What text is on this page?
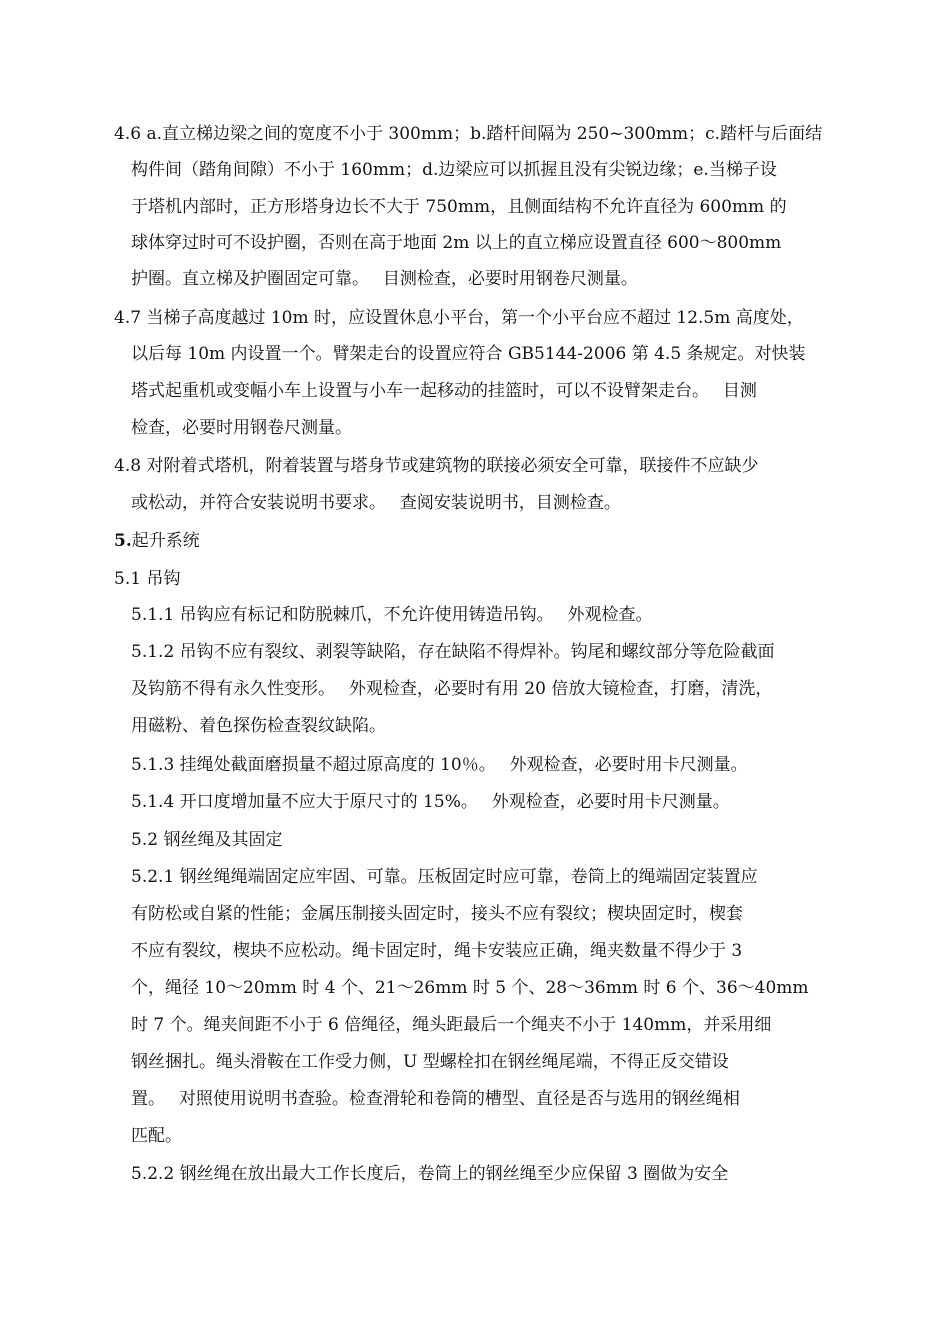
4.6 a.直立梯边梁之间的宽度不小于 300mm；b.踏杆间隔为 250~300mm；c.踏杆与后面结
构件间（踏角间隙）不小于 160mm；d.边梁应可以抓握且没有尖锐边缘；e.当梯子设
于塔机内部时，正方形塔身边长不大于 750mm，且侧面结构不允许直径为 600mm 的
球体穿过时可不设护圈，否则在高于地面 2m 以上的直立梯应设置直径 600～800mm
护圈。直立梯及护圈固定可靠。　 目测检查，必要时用钢卷尺测量。
4.7 当梯子高度越过 10m 时，应设置休息小平台，第一个小平台应不超过 12.5m 高度处，
以后每 10m 内设置一个。臂架走台的设置应符合 GB5144-2006 第 4.5 条规定。对快装
塔式起重机或变幅小车上设置与小车一起移动的挂篮时，可以不设臂架走台。　 目测
检查，必要时用钢卷尺测量。
4.8 对附着式塔机，附着装置与塔身节或建筑物的联接必须安全可靠，联接件不应缺少
或松动，并符合安装说明书要求。　 查阅安装说明书，目测检查。
5.起升系统
5.1 吊钩
5.1.1 吊钩应有标记和防脱棘爪，不允许使用铸造吊钩。　 外观检查。
5.1.2 吊钩不应有裂纹、剥裂等缺陷，存在缺陷不得焊补。钩尾和螺纹部分等危险截面
及钩筋不得有永久性变形。　 外观检查，必要时有用 20 倍放大镜检查，打磨，清洗，
用磁粉、着色探伤检查裂纹缺陷。
5.1.3 挂绳处截面磨损量不超过原高度的 10％。　 外观检查，必要时用卡尺测量。
5.1.4 开口度增加量不应大于原尺寸的 15%。　 外观检查，必要时用卡尺测量。
5.2 钢丝绳及其固定
5.2.1 钢丝绳绳端固定应牢固、可靠。压板固定时应可靠，卷筒上的绳端固定装置应
有防松或自紧的性能；金属压制接头固定时，接头不应有裂纹；楔块固定时，楔套
不应有裂纹，楔块不应松动。绳卡固定时，绳卡安装应正确，绳夹数量不得少于 3
个，绳径 10～20mm 时 4 个、21～26mm 时 5 个、28～36mm 时 6 个、36～40mm
时 7 个。绳夹间距不小于 6 倍绳径，绳头距最后一个绳夹不小于 140mm，并采用细
钢丝捆扎。绳头滑鞍在工作受力侧，U 型螺栓扣在钢丝绳尾端，不得正反交错设
置。　 对照使用说明书查验。检查滑轮和卷筒的槽型、直径是否与选用的钢丝绳相
匹配。
5.2.2 钢丝绳在放出最大工作长度后，卷筒上的钢丝绳至少应保留 3 圈做为安全
